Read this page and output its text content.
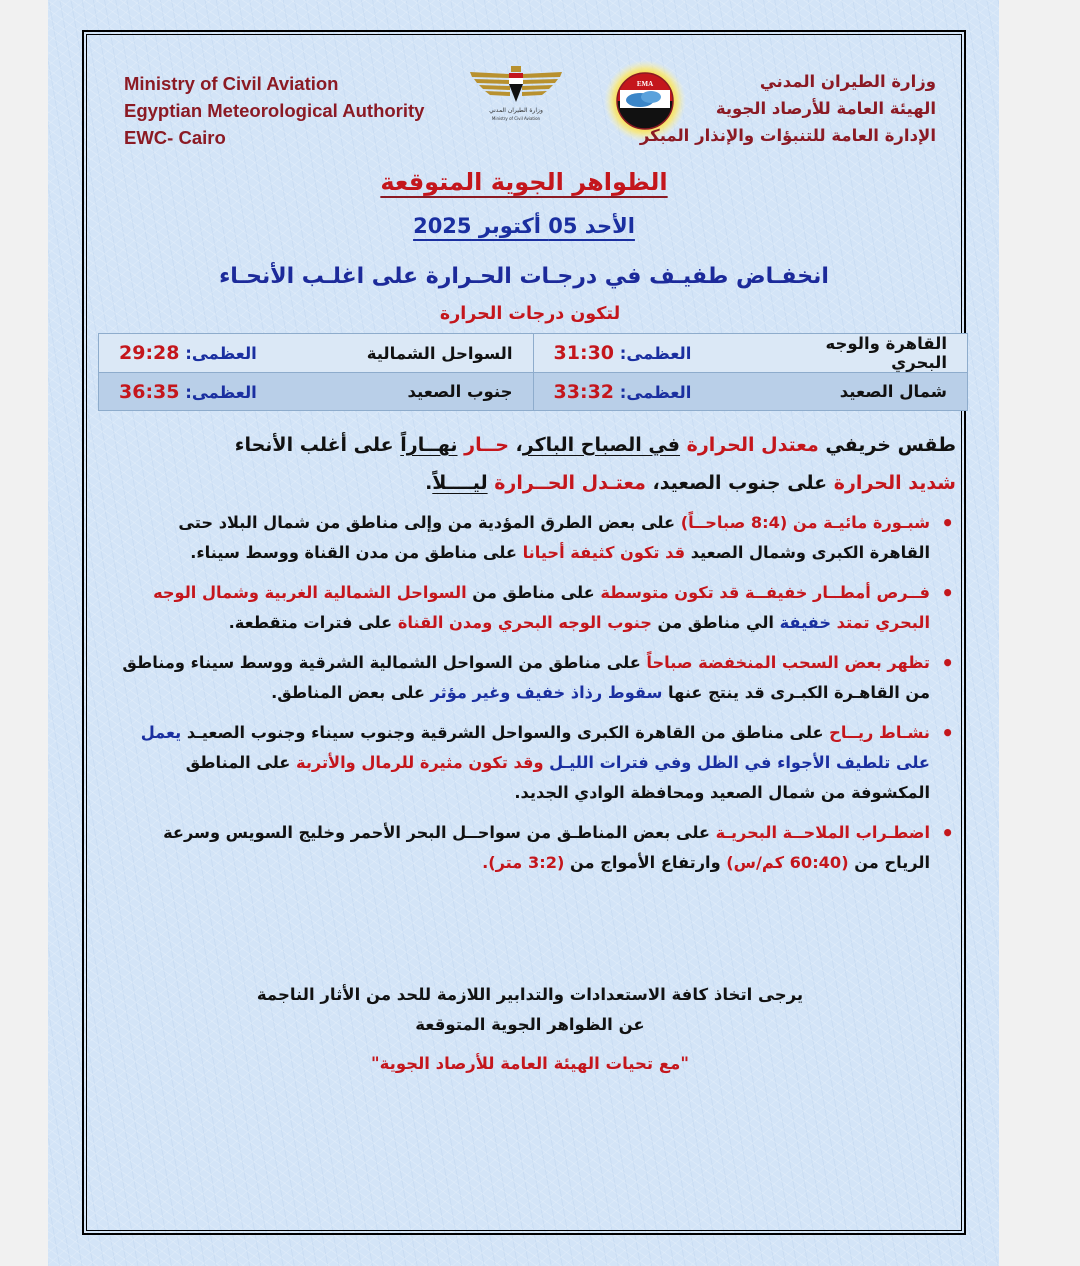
Ministry of Civil Aviation
Egyptian Meteorological Authority
EWC- Cairo
وزارة الطيران المدني
Ministry of Civil Aviation
EMA	وزارة الطيران المدني
الهيئة العامة للأرصاد الجوية
الإدارة العامة للتنبؤات والإنذار المبكر
الظواهر الجوية المتوقعة
الأحد 05 أكتوبر 2025
انخفـاض طفيـف في درجـات الحـرارة على اغلـب الأنحـاء
لتكون درجات الحرارة
القاهرة والوجه البحري	العظمى: 31:30	السواحل الشمالية	العظمى: 29:28
شمال الصعيد	العظمى: 33:32	جنوب الصعيد	العظمى: 36:35
طقس خريفي معتدل الحرارة في الصباح الباكر، حــار نهــاراً على أغلب الأنحاء
شديد الحرارة على جنوب الصعيد، معتـدل الحــرارة ليــــلاً.
• شبـورة مائيـة من (8:4 صباحــاً) على بعض الطرق المؤدية من وإلى مناطق من شمال البلاد حتى القاهرة الكبرى وشمال الصعيد قد تكون كثيفة أحيانا على مناطق من مدن القناة ووسط سيناء.
• فــرص أمطــار خفيفــة قد تكون متوسطة على مناطق من السواحل الشمالية الغربية وشمال الوجه البحري تمتد خفيفة الي مناطق من جنوب الوجه البحري ومدن القناة على فترات متقطعة.
• تظهر بعض السحب المنخفضة صباحاً على مناطق من السواحل الشمالية الشرقية ووسط سيناء ومناطق من القاهـرة الكبـرى قد ينتج عنها سقوط رذاذ خفيف وغير مؤثر على بعض المناطق.
• نشـاط ريــاح على مناطق من القاهرة الكبرى والسواحل الشرقية وجنوب سيناء وجنوب الصعيـد يعمل على تلطيف الأجواء في الظل وفي فترات الليـل وقد تكون مثيرة للرمال والأتربة على المناطق المكشوفة من شمال الصعيد ومحافظة الوادي الجديد.
• اضطـراب الملاحــة البحريـة على بعض المناطـق من سواحــل البحر الأحمر وخليج السويس وسرعة الرياح من (60:40 كم/س) وارتفاع الأمواج من (3:2 متر).
يرجى اتخاذ كافة الاستعدادات والتدابير اللازمة للحد من الأثار الناجمة
عن الظواهر الجوية المتوقعة
"مع تحيات الهيئة العامة للأرصاد الجوية"
